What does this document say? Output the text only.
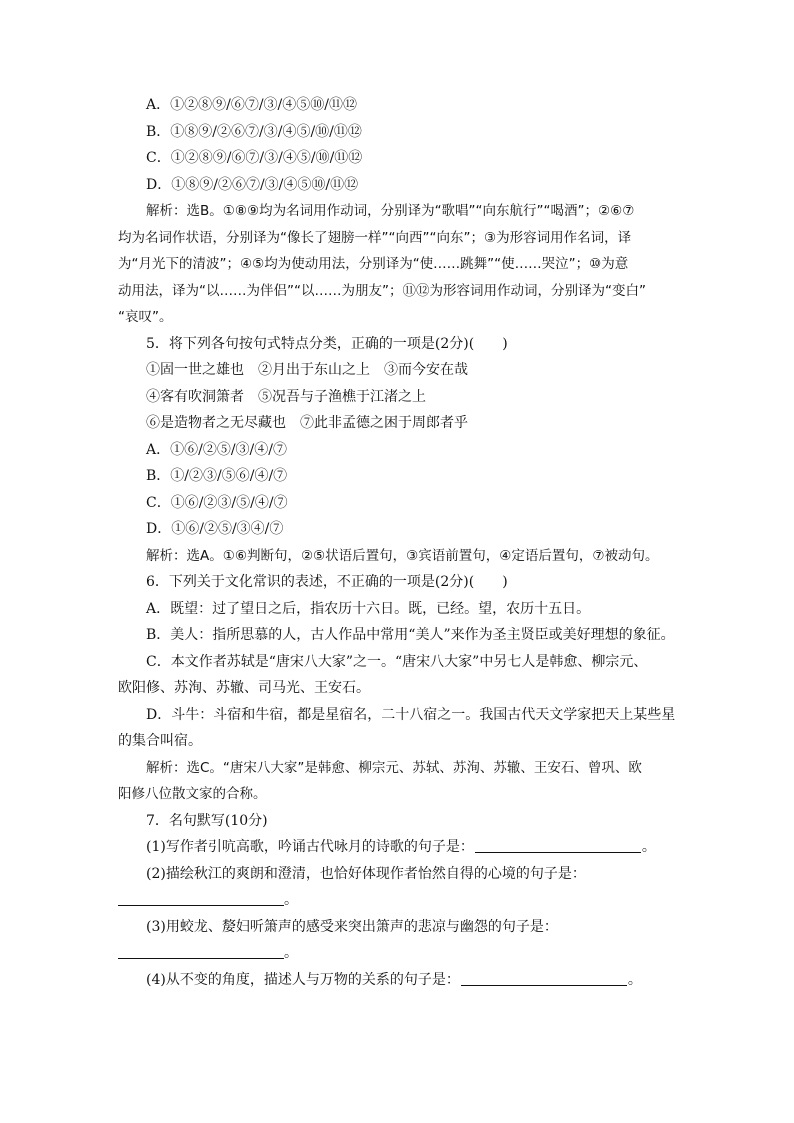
A．①②⑧⑨/⑥⑦/③/④⑤⑩/⑪⑫
B．①⑧⑨/②⑥⑦/③/④⑤/⑩/⑪⑫
C．①②⑧⑨/⑥⑦/③/④⑤/⑩/⑪⑫
D．①⑧⑨/②⑥⑦/③/④⑤⑩/⑪⑫
解析：选B。①⑧⑨均为名词用作动词，分别译为“歌唱”“向东航行”“喝酒”；②⑥⑦
均为名词作状语，分别译为“像长了翅膀一样”“向西”“向东”；③为形容词用作名词，译
为“月光下的清波”；④⑤均为使动用法，分别译为“使……跳舞”“使……哭泣”；⑩为意
动用法，译为“以……为伴侣”“以……为朋友”；⑪⑫为形容词用作动词，分别译为“变白”
“哀叹”。
5．将下列各句按句式特点分类，正确的一项是(2分)(　　)
①固一世之雄也　②月出于东山之上　③而今安在哉
④客有吹洞箫者　⑤况吾与子渔樵于江渚之上
⑥是造物者之无尽藏也　⑦此非孟德之困于周郎者乎
A．①⑥/②⑤/③/④/⑦
B．①/②③/⑤⑥/④/⑦
C．①⑥/②③/⑤/④/⑦
D．①⑥/②⑤/③④/⑦
解析：选A。①⑥判断句，②⑤状语后置句，③宾语前置句，④定语后置句，⑦被动句。
6．下列关于文化常识的表述，不正确的一项是(2分)(　　)
A．既望：过了望日之后，指农历十六日。既，已经。望，农历十五日。
B．美人：指所思慕的人，古人作品中常用“美人”来作为圣主贤臣或美好理想的象征。
C．本文作者苏轼是“唐宋八大家”之一。“唐宋八大家”中另七人是韩愈、柳宗元、
欧阳修、苏洵、苏辙、司马光、王安石。
D．斗牛：斗宿和牛宿，都是星宿名，二十八宿之一。我国古代天文学家把天上某些星
的集合叫宿。
解析：选C。“唐宋八大家”是韩愈、柳宗元、苏轼、苏洵、苏辙、王安石、曾巩、欧
阳修八位散文家的合称。
7．名句默写(10分)
(1)写作者引吭高歌，吟诵古代咏月的诗歌的句子是：	。
(2)描绘秋江的爽朗和澄清，也恰好体现作者怡然自得的心境的句子是：
。
(3)用蛟龙、嫠妇听箫声的感受来突出箫声的悲凉与幽怨的句子是：
。
(4)从不变的角度，描述人与万物的关系的句子是：	。
